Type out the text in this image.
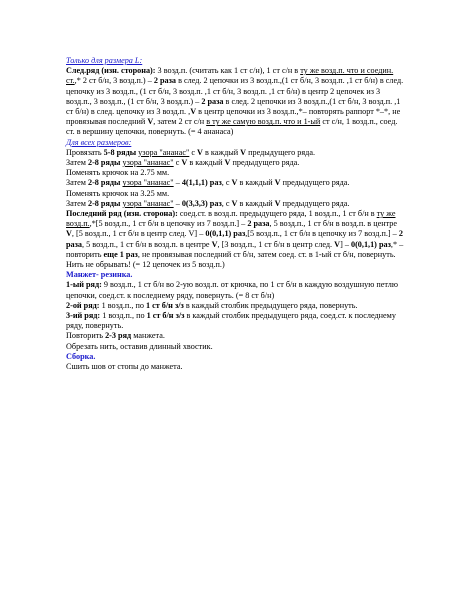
Только для размера L:

След.ряд (изн. сторона): 3 возд.п. (считать как 1 ст с/н), 1 ст с/н в ту же возд.п. что и соедин. ст.,* 2 ст б/н, 3 возд.п.) – 2 раза в след. 2 цепочки из 3 возд.п.,(1 ст б/н, 3 возд.п. ,1 ст б/н) в след. цепочку из 3 возд.п., (1 ст б/н, 3 возд.п. ,1 ст б/н, 3 возд.п. ,1 ст б/н) в центр 2 цепочек из 3 возд.п., 3 возд.п., (1 ст б/н, 3 возд.п.) – 2 раза в след. 2 цепочки из 3 возд.п.,(1 ст б/н, 3 возд.п. ,1 ст б/н) в след. цепочку из 3 возд.п. ,V в центр цепочки из 3 возд.п.,*– повторять раппорт *–*, не провязывая последний V, затем 2 ст с/н в ту же самую возд.п. что и 1-ый ст с/н, 1 возд.п., соед. ст. в вершину цепочки, повернуть. (= 4 ананаса)

Для всех размеров:

Провязать 5-8 ряды узора "ананас" с V в каждый V предыдущего ряда.

Затем 2-8 ряды узора "ананас" с V в каждый V предыдущего ряда.

Поменять крючок на 2.75 мм.

Затем 2-8 ряды узора "ананас" – 4(1,1,1) раз, с V в каждый V предыдущего ряда.

Поменять крючок на 3.25 мм.

Затем 2-8 ряды узора "ананас" – 0(3,3,3) раз, с V в каждый V предыдущего ряда.

Последний ряд (изн. сторона): соед.ст. в возд.п. предыдущего ряда, 1 возд.п., 1 ст б/н в ту же возд.п.,*[5 возд.п., 1 ст б/н в цепочку из 7 возд.п.] – 2 раза, 5 возд.п., 1 ст б/н в возд.п. в центре V, [5 возд.п., 1 ст б/н в центр след. V] – 0(0,1,1) раз,[5 возд.п., 1 ст б/н в цепочку из 7 возд.п.] – 2 раза, 5 возд.п., 1 ст б/н в возд.п. в центре V, [3 возд.п., 1 ст б/н в центр след. V] – 0(0,1,1) раз,* – повторить еще 1 раз, не провязывая последний ст б/н, затем соед. ст. в 1-ый ст б/н, повернуть. Нить не обрывать! (= 12 цепочек из 5 возд.п.)

Манжет- резинка.

1-ый ряд: 9 возд.п., 1 ст б/н во 2-ую возд.п. от крючка, по 1 ст б/н в каждую воздушную петлю цепочки, соед.ст. к последнему ряду, повернуть. (= 8 ст б/н)

2-ой ряд: 1 возд.п., по 1 ст б/н з/з в каждый столбик предыдущего ряда, повернуть.

3-ий ряд: 1 возд.п., по 1 ст б/н з/з в каждый столбик предыдущего ряда, соед.ст. к последнему ряду, повернуть.

Повторить 2-3 ряд манжета.

Обрезать нить, оставив длинный хвостик.

Сборка.

Сшить шов от стопы до манжета.
